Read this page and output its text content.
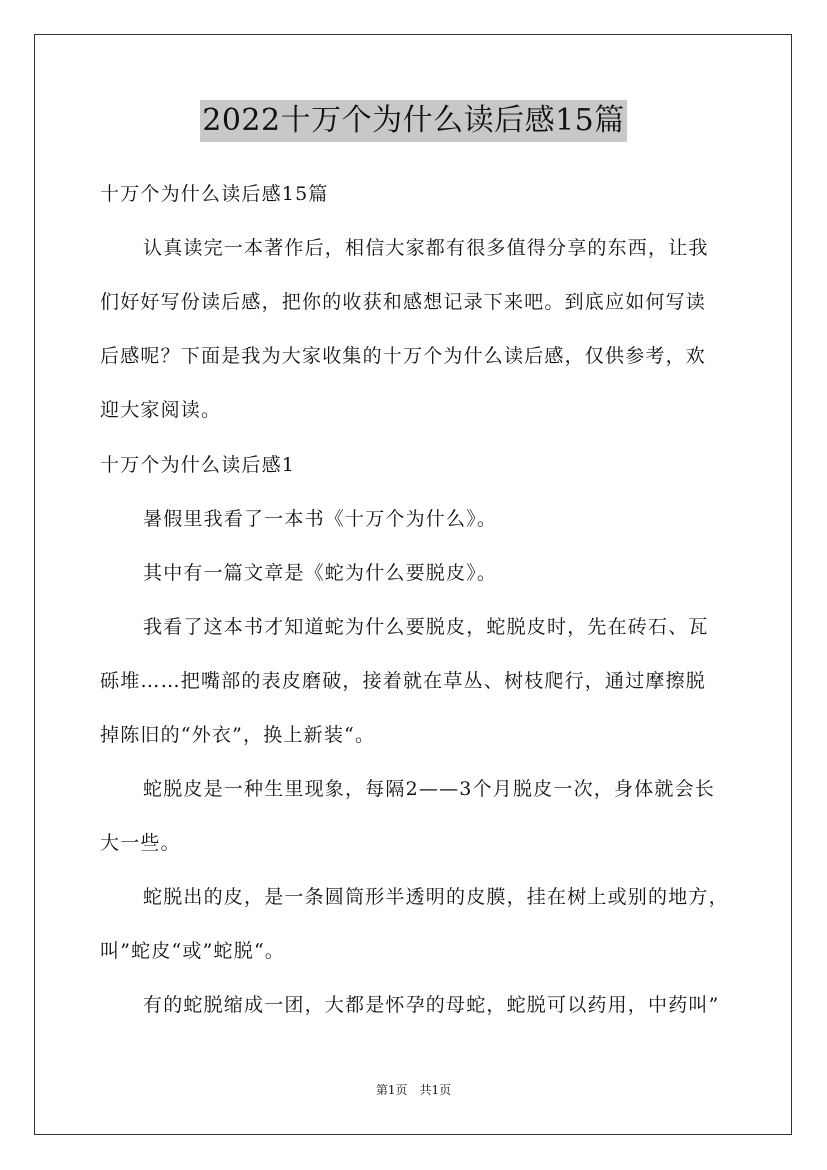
2022十万个为什么读后感15篇
十万个为什么读后感15篇
认真读完一本著作后，相信大家都有很多值得分享的东西，让我
们好好写份读后感，把你的收获和感想记录下来吧。到底应如何写读
后感呢？下面是我为大家收集的十万个为什么读后感，仅供参考，欢
迎大家阅读。
十万个为什么读后感1
暑假里我看了一本书《十万个为什么》。
其中有一篇文章是《蛇为什么要脱皮》。
我看了这本书才知道蛇为什么要脱皮，蛇脱皮时，先在砖石、瓦
砾堆……把嘴部的表皮磨破，接着就在草丛、树枝爬行，通过摩擦脱
掉陈旧的“外衣”，换上新装“。
蛇脱皮是一种生里现象，每隔2——3个月脱皮一次，身体就会长
大一些。
蛇脱出的皮，是一条圆筒形半透明的皮膜，挂在树上或别的地方，
叫”蛇皮“或”蛇脱“。
有的蛇脱缩成一团，大都是怀孕的母蛇，蛇脱可以药用，中药叫”
第1页　共1页
